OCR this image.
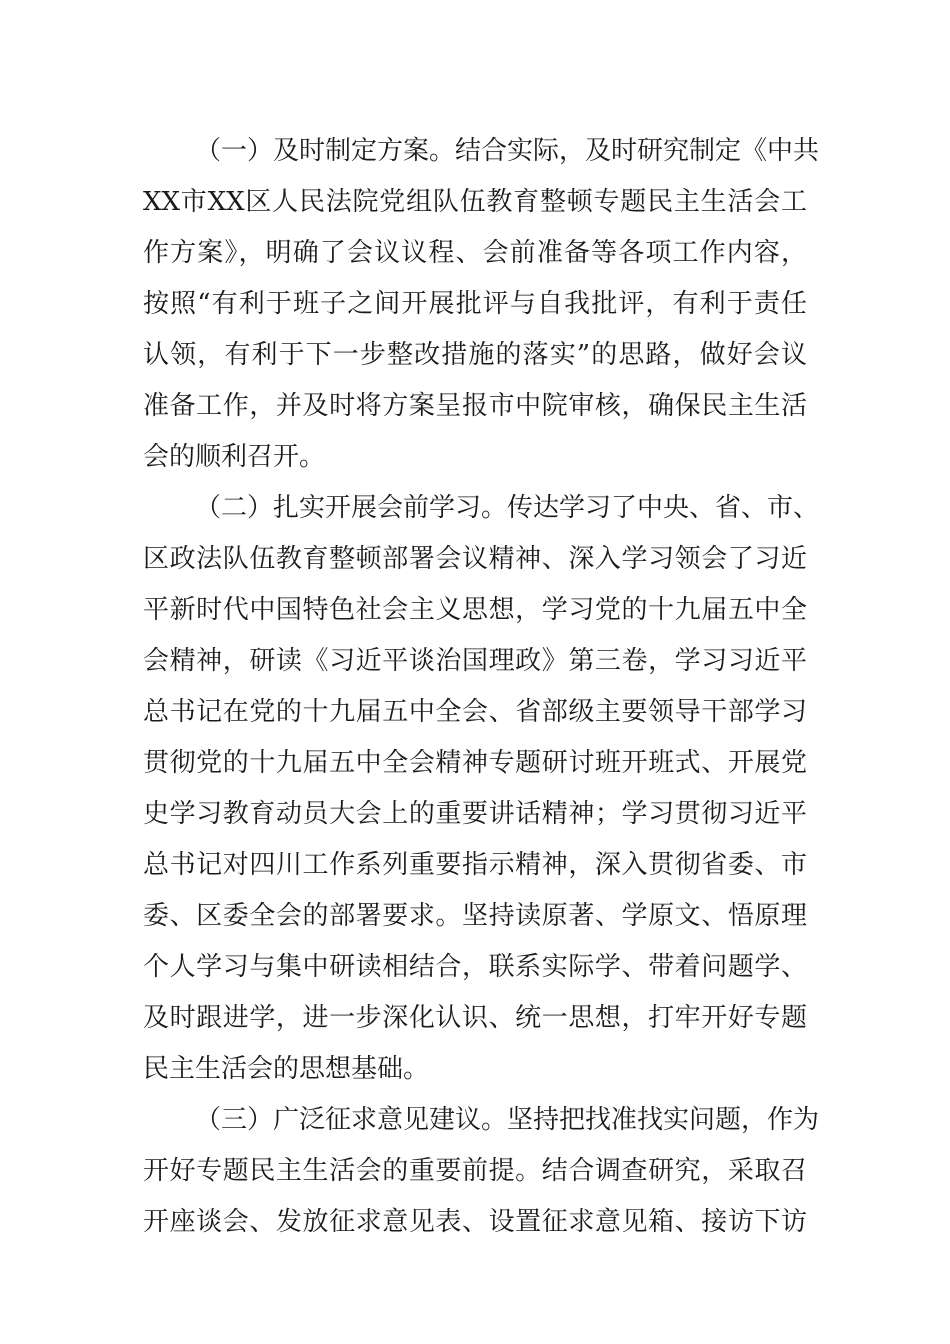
（一）及时制定方案。结合实际，及时研究制定《中共
XX市XX区人民法院党组队伍教育整顿专题民主生活会工
作方案》，明确了会议议程、会前准备等各项工作内容，
按照“有利于班子之间开展批评与自我批评，有利于责任
认领，有利于下一步整改措施的落实”的思路，做好会议
准备工作，并及时将方案呈报市中院审核，确保民主生活
会的顺利召开。
（二）扎实开展会前学习。传达学习了中央、省、市、
区政法队伍教育整顿部署会议精神、深入学习领会了习近
平新时代中国特色社会主义思想，学习党的十九届五中全
会精神，研读《习近平谈治国理政》第三卷，学习习近平
总书记在党的十九届五中全会、省部级主要领导干部学习
贯彻党的十九届五中全会精神专题研讨班开班式、开展党
史学习教育动员大会上的重要讲话精神；学习贯彻习近平
总书记对四川工作系列重要指示精神，深入贯彻省委、市
委、区委全会的部署要求。坚持读原著、学原文、悟原理
个人学习与集中研读相结合，联系实际学、带着问题学、
及时跟进学，进一步深化认识、统一思想，打牢开好专题
民主生活会的思想基础。
（三）广泛征求意见建议。坚持把找准找实问题，作为
开好专题民主生活会的重要前提。结合调查研究，采取召
开座谈会、发放征求意见表、设置征求意见箱、接访下访
